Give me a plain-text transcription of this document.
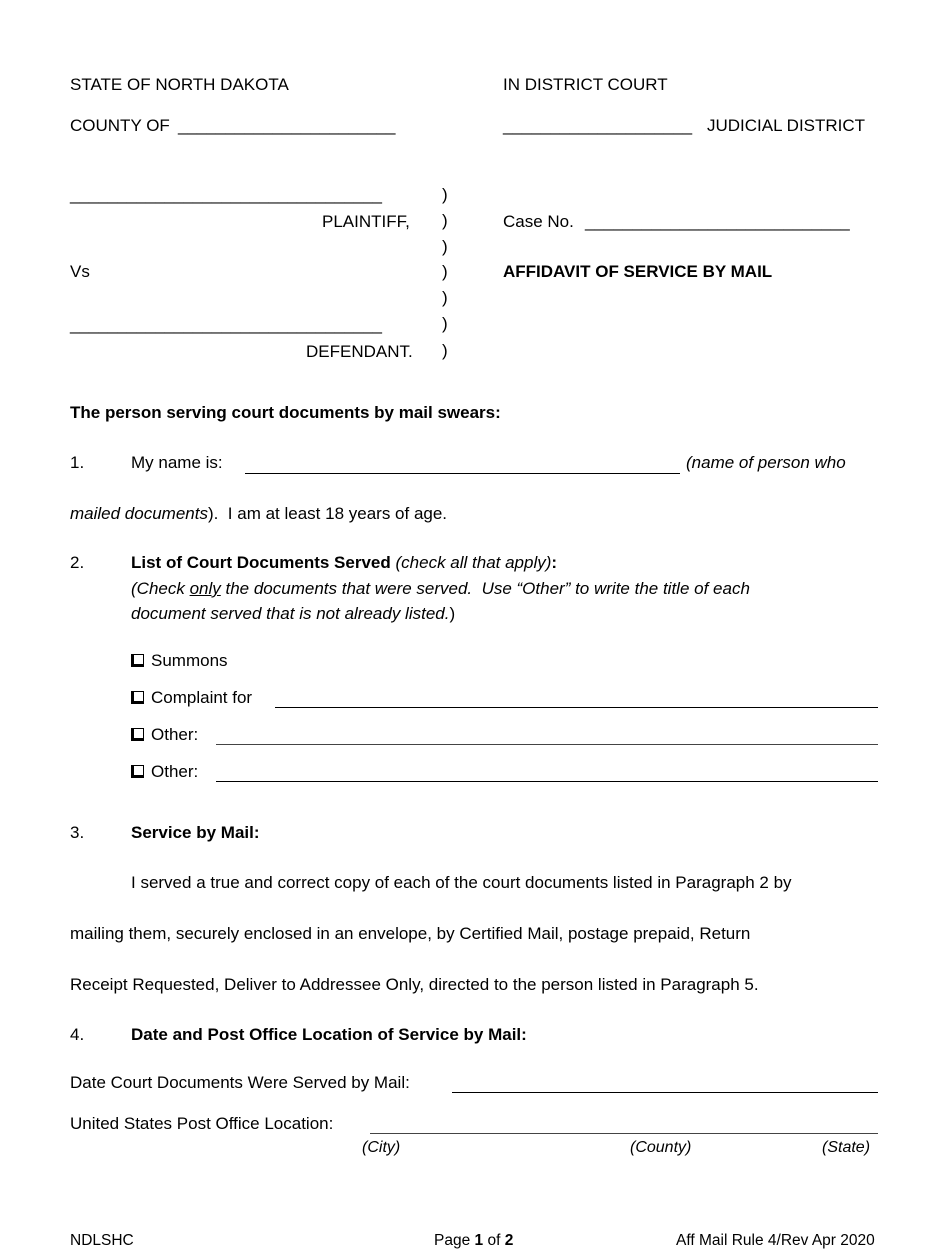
STATE OF NORTH DAKOTA	IN DISTRICT COURT
COUNTY OF _______________________	____________________ JUDICIAL DISTRICT
_________________________________
PLAINTIFF,
Vs
_________________________________
DEFENDANT.
)
)
)
)
)
)
)
Case No. ____________________________
AFFIDAVIT OF SERVICE BY MAIL
The person serving court documents by mail swears:
1.	My name is:	(name of person who
mailed documents).  I am at least 18 years of age.
2.	List of Court Documents Served (check all that apply):
(Check only the documents that were served.  Use “Other” to write the title of each
document served that is not already listed.)
Summons
Complaint for
Other:
Other:
3.	Service by Mail:
I served a true and correct copy of each of the court documents listed in Paragraph 2 by
mailing them, securely enclosed in an envelope, by Certified Mail, postage prepaid, Return
Receipt Requested, Deliver to Addressee Only, directed to the person listed in Paragraph 5.
4.	Date and Post Office Location of Service by Mail:
Date Court Documents Were Served by Mail:
United States Post Office Location:
(City)	(County)	(State)
NDLSHC	Page 1 of 2	Aff Mail Rule 4/Rev Apr 2020
